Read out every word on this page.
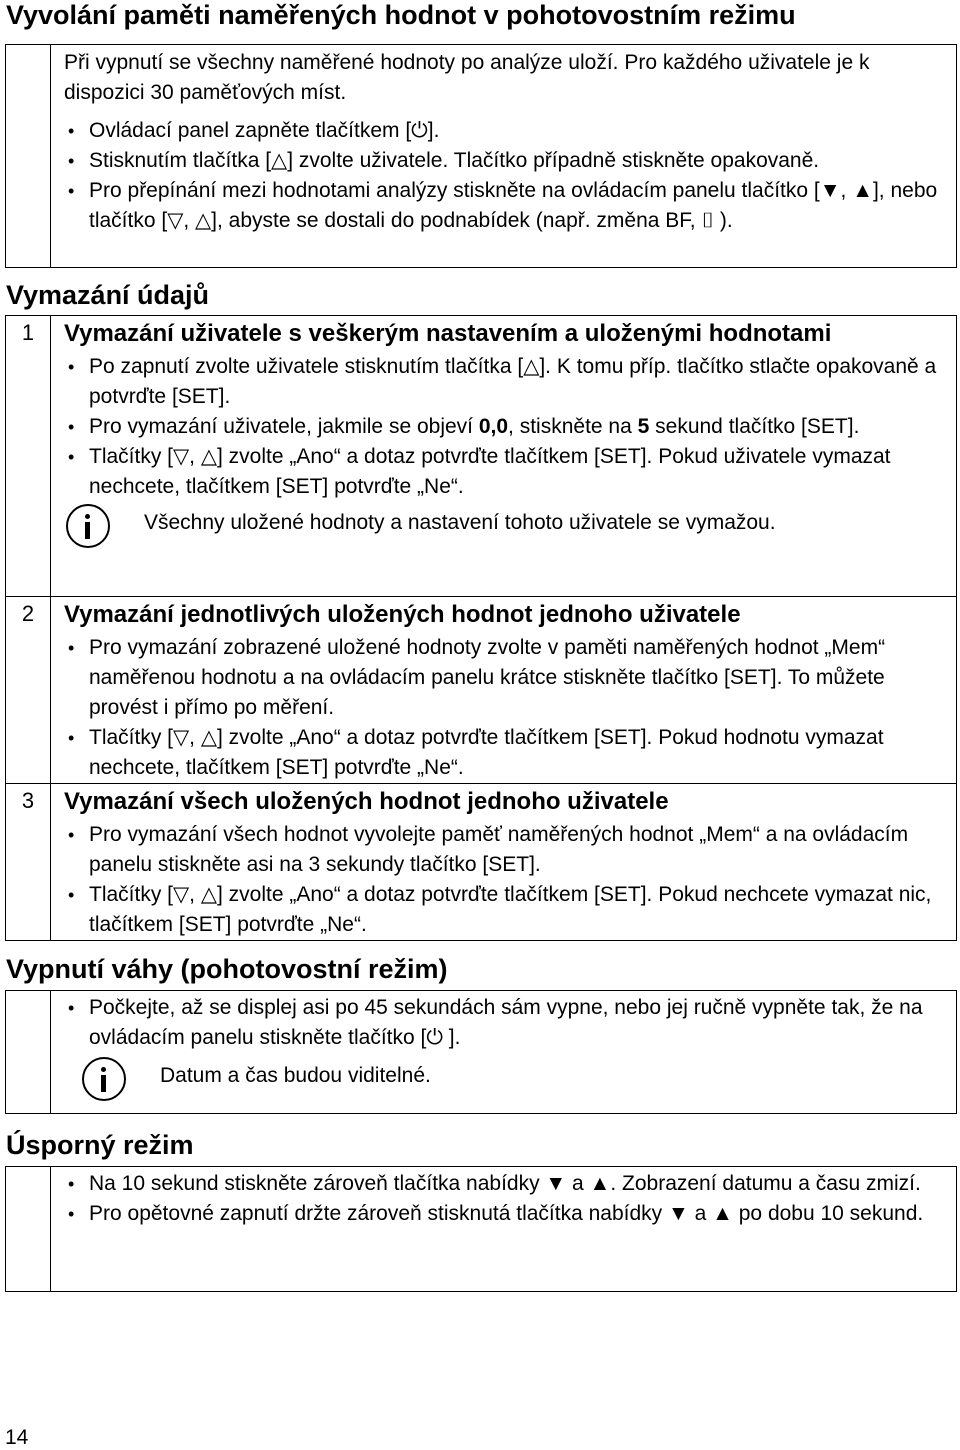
Vyvolání paměti naměřených hodnot v pohotovostním režimu

Při vypnutí se všechny naměřené hodnoty po analýze uloží. Pro každého uživatele je k dispozici 30 paměťových míst.

• Ovládací panel zapněte tlačítkem [⏻].
• Stisknutím tlačítka [△] zvolte uživatele. Tlačítko případně stiskněte opakovaně.
• Pro přepínání mezi hodnotami analýzy stiskněte na ovládacím panelu tlačítko [▼, ▲], nebo tlačítko [▽, △], abyste se dostali do podnabídek (např. změna BF, ⌷ ).
Vymazání údajů
1	Vymazání uživatele s veškerým nastavením a uloženými hodnotami

• Po zapnutí zvolte uživatele stisknutím tlačítka [△]. K tomu příp. tlačítko stlačte opakovaně a potvrďte [SET].
• Pro vymazání uživatele, jakmile se objeví 0,0, stiskněte na 5 sekund tlačítko [SET].
• Tlačítky [▽, △] zvolte „Ano“ a dotaz potvrďte tlačítkem [SET]. Pokud uživatele vymazat nechcete, tlačítkem [SET] potvrďte „Ne“.
Všechny uložené hodnoty a nastavení tohoto uživatele se vymažou.
2	Vymazání jednotlivých uložených hodnot jednoho uživatele

• Pro vymazání zobrazené uložené hodnoty zvolte v paměti naměřených hodnot „Mem“ naměřenou hodnotu a na ovládacím panelu krátce stiskněte tlačítko [SET]. To můžete provést i přímo po měření.
• Tlačítky [▽, △] zvolte „Ano“ a dotaz potvrďte tlačítkem [SET]. Pokud hodnotu vymazat nechcete, tlačítkem [SET] potvrďte „Ne“.
3	Vymazání všech uložených hodnot jednoho uživatele

• Pro vymazání všech hodnot vyvolejte paměť naměřených hodnot „Mem“ a na ovládacím panelu stiskněte asi na 3 sekundy tlačítko [SET].
• Tlačítky [▽, △] zvolte „Ano“ a dotaz potvrďte tlačítkem [SET]. Pokud nechcete vymazat nic, tlačítkem [SET] potvrďte „Ne“.
Vypnutí váhy (pohotovostní režim)
• Počkejte, až se displej asi po 45 sekundách sám vypne, nebo jej ručně vypněte tak, že na ovládacím panelu stiskněte tlačítko [⏻ ].
Datum a čas budou viditelné.
Úsporný režim
• Na 10 sekund stiskněte zároveň tlačítka nabídky ▼ a ▲. Zobrazení datumu a času zmizí.
• Pro opětovné zapnutí držte zároveň stisknutá tlačítka nabídky ▼ a ▲ po dobu 10 sekund.
14
